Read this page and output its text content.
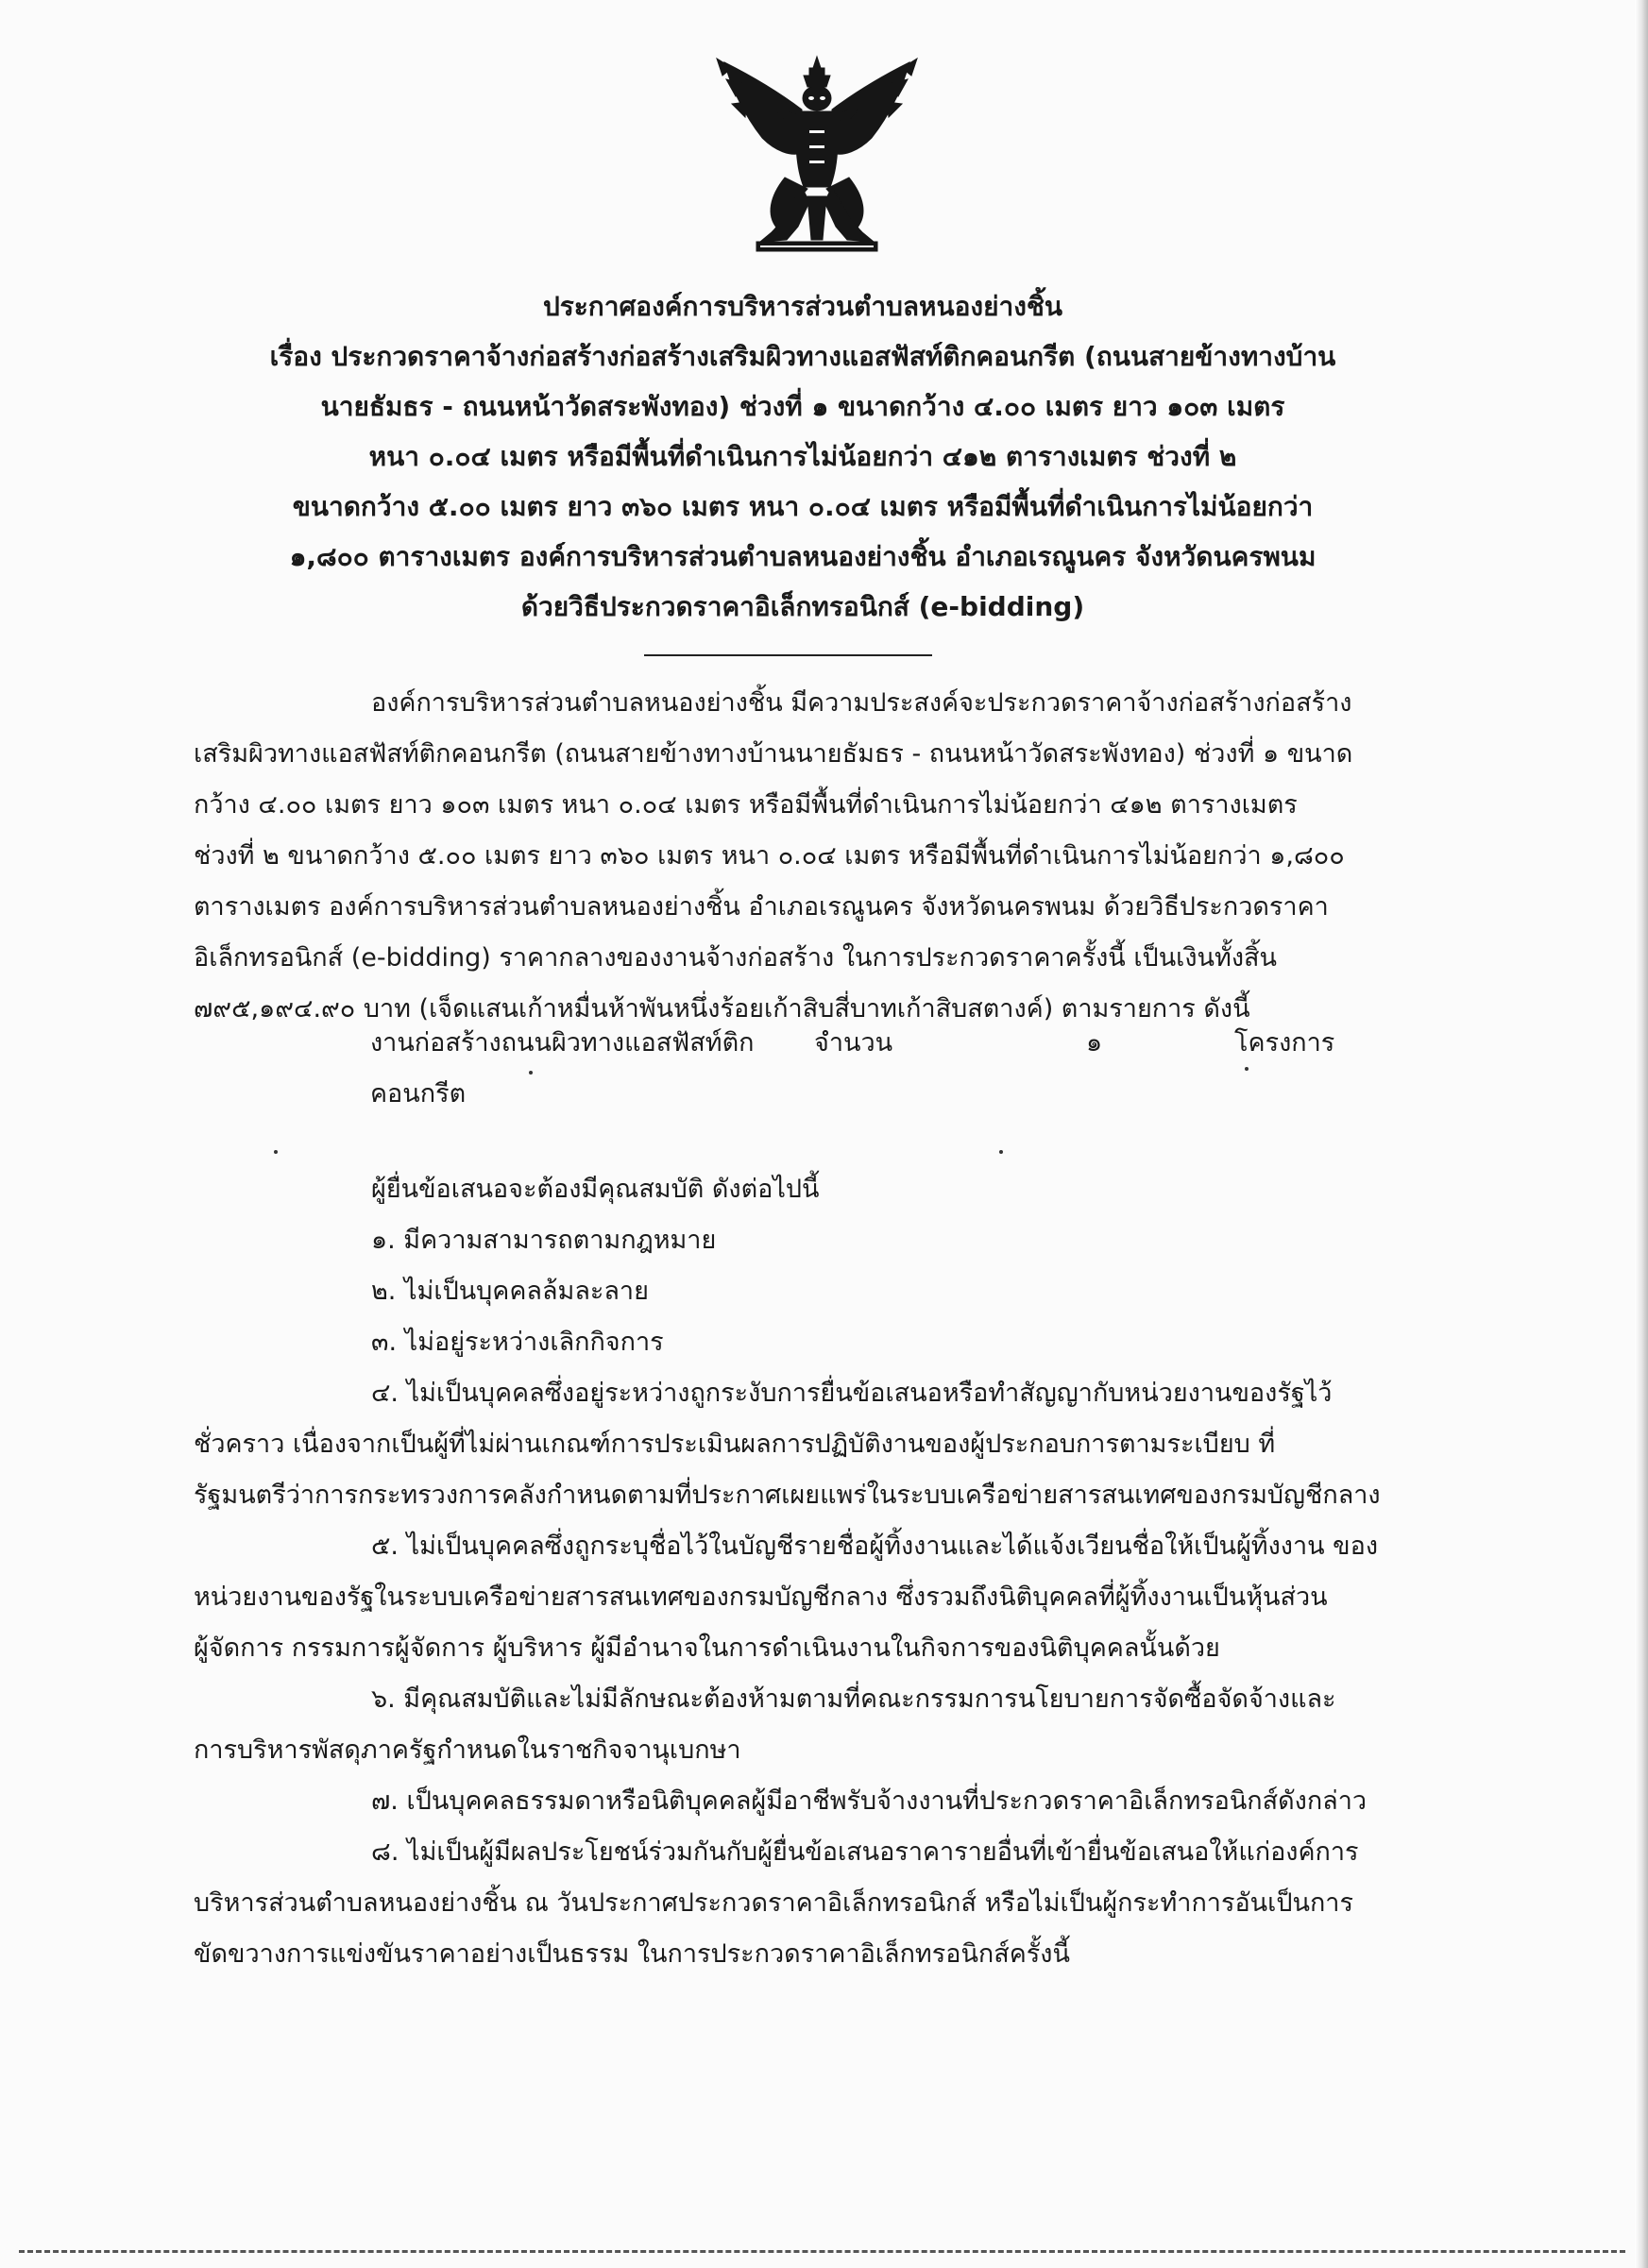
ประกาศองค์การบริหารส่วนตำบลหนองย่างชิ้น
เรื่อง ประกวดราคาจ้างก่อสร้างก่อสร้างเสริมผิวทางแอสฟัสท์ติกคอนกรีต (ถนนสายข้างทางบ้าน
นายธัมธร - ถนนหน้าวัดสระพังทอง) ช่วงที่ ๑ ขนาดกว้าง ๔.๐๐ เมตร ยาว ๑๐๓ เมตร
หนา ๐.๐๔ เมตร หรือมีพื้นที่ดำเนินการไม่น้อยกว่า ๔๑๒ ตารางเมตร ช่วงที่ ๒
ขนาดกว้าง ๕.๐๐ เมตร ยาว ๓๖๐ เมตร หนา ๐.๐๔ เมตร หรือมีพื้นที่ดำเนินการไม่น้อยกว่า
๑,๘๐๐ ตารางเมตร องค์การบริหารส่วนตำบลหนองย่างชิ้น อำเภอเรณูนคร จังหวัดนครพนม
ด้วยวิธีประกวดราคาอิเล็กทรอนิกส์ (e-bidding)
องค์การบริหารส่วนตำบลหนองย่างชิ้น มีความประสงค์จะประกวดราคาจ้างก่อสร้างก่อสร้าง
เสริมผิวทางแอสฟัสท์ติกคอนกรีต (ถนนสายข้างทางบ้านนายธัมธร - ถนนหน้าวัดสระพังทอง) ช่วงที่ ๑ ขนาด
กว้าง ๔.๐๐ เมตร ยาว ๑๐๓ เมตร หนา ๐.๐๔ เมตร หรือมีพื้นที่ดำเนินการไม่น้อยกว่า ๔๑๒ ตารางเมตร
ช่วงที่ ๒ ขนาดกว้าง ๕.๐๐ เมตร ยาว ๓๖๐ เมตร หนา ๐.๐๔ เมตร หรือมีพื้นที่ดำเนินการไม่น้อยกว่า ๑,๘๐๐
ตารางเมตร องค์การบริหารส่วนตำบลหนองย่างชิ้น อำเภอเรณูนคร จังหวัดนครพนม ด้วยวิธีประกวดราคา
อิเล็กทรอนิกส์ (e-bidding) ราคากลางของงานจ้างก่อสร้าง ในการประกวดราคาครั้งนี้ เป็นเงินทั้งสิ้น
๗๙๕,๑๙๔.๙๐ บาท (เจ็ดแสนเก้าหมื่นห้าพันหนึ่งร้อยเก้าสิบสี่บาทเก้าสิบสตางค์) ตามรายการ ดังนี้
งานก่อสร้างถนนผิวทางแอสฟัสท์ติก
คอนกรีต
จำนวน	๑	โครงการ
ผู้ยื่นข้อเสนอจะต้องมีคุณสมบัติ ดังต่อไปนี้
๑. มีความสามารถตามกฎหมาย
๒. ไม่เป็นบุคคลล้มละลาย
๓. ไม่อยู่ระหว่างเลิกกิจการ
๔. ไม่เป็นบุคคลซึ่งอยู่ระหว่างถูกระงับการยื่นข้อเสนอหรือทำสัญญากับหน่วยงานของรัฐไว้
ชั่วคราว เนื่องจากเป็นผู้ที่ไม่ผ่านเกณฑ์การประเมินผลการปฏิบัติงานของผู้ประกอบการตามระเบียบ ที่
รัฐมนตรีว่าการกระทรวงการคลังกำหนดตามที่ประกาศเผยแพร่ในระบบเครือข่ายสารสนเทศของกรมบัญชีกลาง
๕. ไม่เป็นบุคคลซึ่งถูกระบุชื่อไว้ในบัญชีรายชื่อผู้ทิ้งงานและได้แจ้งเวียนชื่อให้เป็นผู้ทิ้งงาน ของ
หน่วยงานของรัฐในระบบเครือข่ายสารสนเทศของกรมบัญชีกลาง ซึ่งรวมถึงนิติบุคคลที่ผู้ทิ้งงานเป็นหุ้นส่วน
ผู้จัดการ กรรมการผู้จัดการ ผู้บริหาร ผู้มีอำนาจในการดำเนินงานในกิจการของนิติบุคคลนั้นด้วย
๖. มีคุณสมบัติและไม่มีลักษณะต้องห้ามตามที่คณะกรรมการนโยบายการจัดซื้อจัดจ้างและ
การบริหารพัสดุภาครัฐกำหนดในราชกิจจานุเบกษา
๗. เป็นบุคคลธรรมดาหรือนิติบุคคลผู้มีอาชีพรับจ้างงานที่ประกวดราคาอิเล็กทรอนิกส์ดังกล่าว
๘. ไม่เป็นผู้มีผลประโยชน์ร่วมกันกับผู้ยื่นข้อเสนอราคารายอื่นที่เข้ายื่นข้อเสนอให้แก่องค์การ
บริหารส่วนตำบลหนองย่างชิ้น ณ วันประกาศประกวดราคาอิเล็กทรอนิกส์ หรือไม่เป็นผู้กระทำการอันเป็นการ
ขัดขวางการแข่งขันราคาอย่างเป็นธรรม ในการประกวดราคาอิเล็กทรอนิกส์ครั้งนี้
